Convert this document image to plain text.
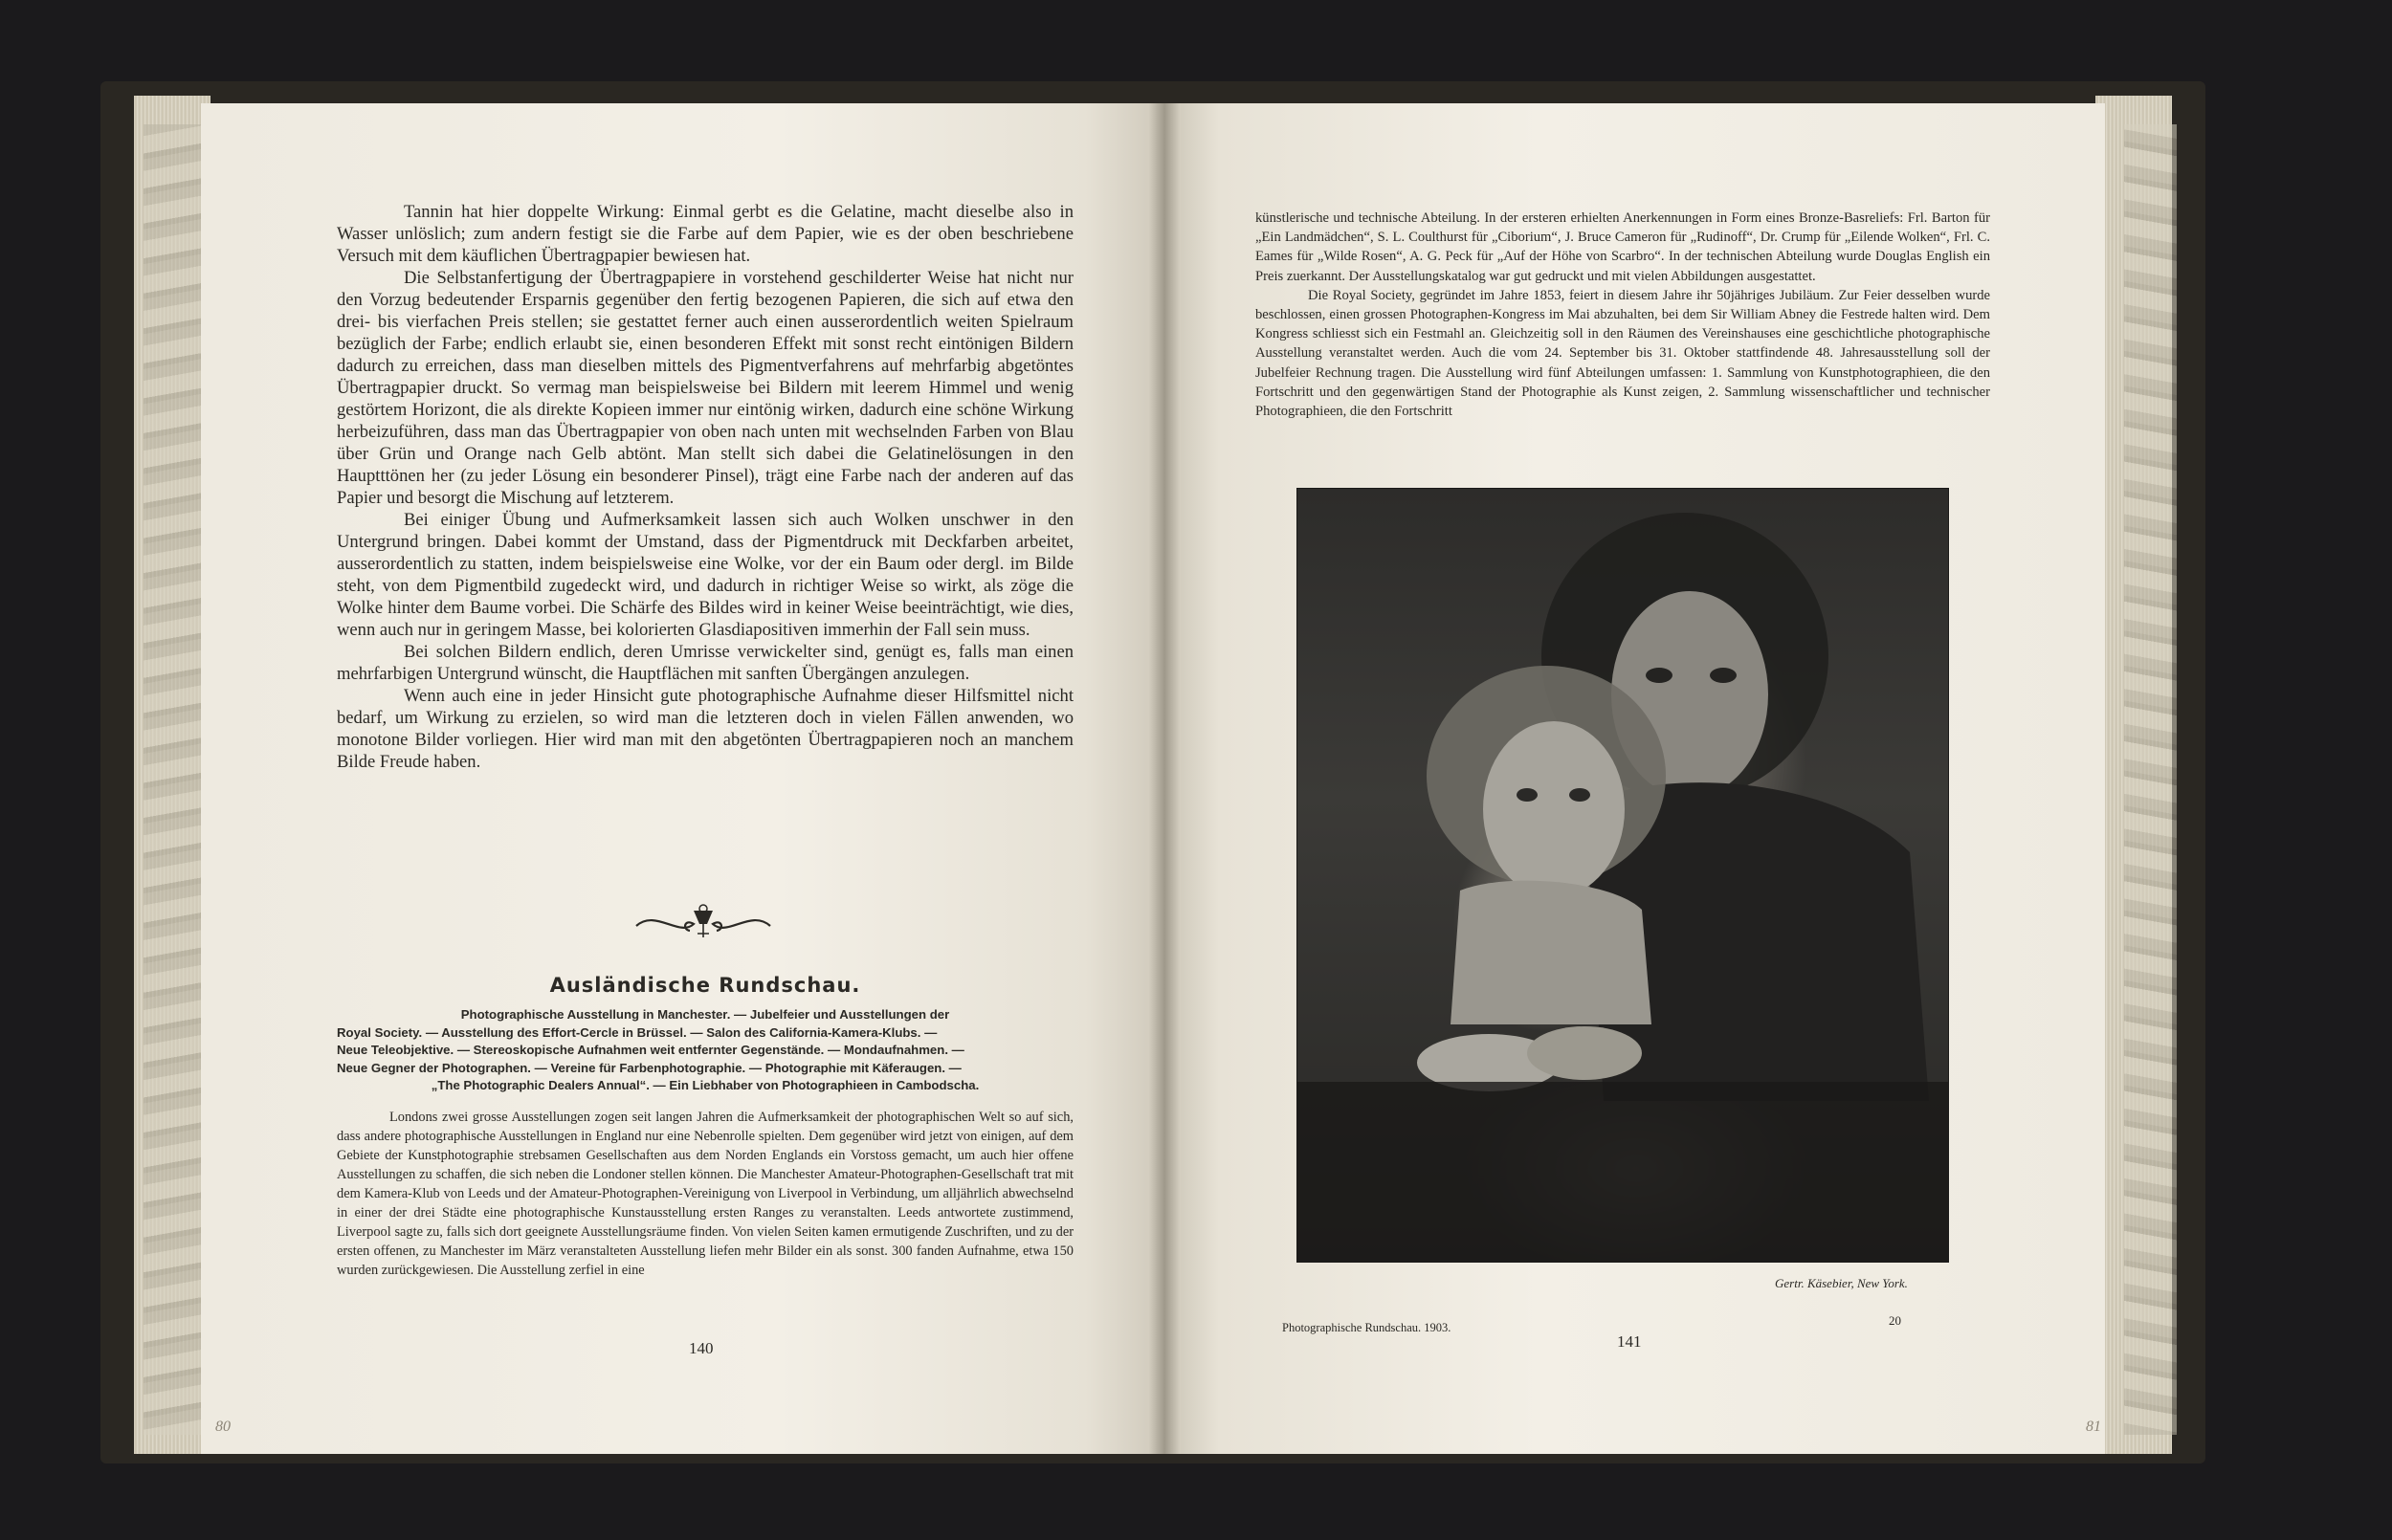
Tannin hat hier doppelte Wirkung: Einmal gerbt es die Gelatine, macht dieselbe also in Wasser unlöslich; zum andern festigt sie die Farbe auf dem Papier, wie es der oben beschriebene Versuch mit dem käuflichen Übertragpapier bewiesen hat.

Die Selbstanfertigung der Übertragpapiere in vorstehend geschilderter Weise hat nicht nur den Vorzug bedeutender Ersparnis gegenüber den fertig bezogenen Papieren, die sich auf etwa den drei- bis vierfachen Preis stellen; sie gestattet ferner auch einen ausserordentlich weiten Spielraum bezüglich der Farbe; endlich erlaubt sie, einen besonderen Effekt mit sonst recht eintönigen Bildern dadurch zu erreichen, dass man dieselben mittels des Pigmentverfahrens auf mehrfarbig abgetöntes Übertragpapier druckt. So vermag man beispielsweise bei Bildern mit leerem Himmel und wenig gestörtem Horizont, die als direkte Kopieen immer nur eintönig wirken, dadurch eine schöne Wirkung herbeizuführen, dass man das Übertragpapier von oben nach unten mit wechselnden Farben von Blau über Grün und Orange nach Gelb abtönt. Man stellt sich dabei die Gelatinelösungen in den Hauptttönen her (zu jeder Lösung ein besonderer Pinsel), trägt eine Farbe nach der anderen auf das Papier und besorgt die Mischung auf letzterem.

Bei einiger Übung und Aufmerksamkeit lassen sich auch Wolken unschwer in den Untergrund bringen. Dabei kommt der Umstand, dass der Pigmentdruck mit Deckfarben arbeitet, ausserordentlich zu statten, indem beispielsweise eine Wolke, vor der ein Baum oder dergl. im Bilde steht, von dem Pigmentbild zugedeckt wird, und dadurch in richtiger Weise so wirkt, als zöge die Wolke hinter dem Baume vorbei. Die Schärfe des Bildes wird in keiner Weise beeinträchtigt, wie dies, wenn auch nur in geringem Masse, bei kolorierten Glasdiapositiven immerhin der Fall sein muss.

Bei solchen Bildern endlich, deren Umrisse verwickelter sind, genügt es, falls man einen mehrfarbigen Untergrund wünscht, die Hauptflächen mit sanften Übergängen anzulegen.

Wenn auch eine in jeder Hinsicht gute photographische Aufnahme dieser Hilfsmittel nicht bedarf, um Wirkung zu erzielen, so wird man die letzteren doch in vielen Fällen anwenden, wo monotone Bilder vorliegen. Hier wird man mit den abgetönten Übertragpapieren noch an manchem Bilde Freude haben.

Ausländische Rundschau.
Photographische Ausstellung in Manchester. — Jubelfeier und Ausstellungen der
Royal Society. — Ausstellung des Effort-Cercle in Brüssel. — Salon des California-Kamera-Klubs. —
Neue Teleobjektive. — Stereoskopische Aufnahmen weit entfernter Gegenstände. — Mondaufnahmen. —
Neue Gegner der Photographen. — Vereine für Farbenphotographie. — Photographie mit Käferaugen. —
„The Photographic Dealers Annual“. — Ein Liebhaber von Photographieen in Cambodscha.

Londons zwei grosse Ausstellungen zogen seit langen Jahren die Aufmerksamkeit der photographischen Welt so auf sich, dass andere photographische Ausstellungen in England nur eine Nebenrolle spielten. Dem gegenüber wird jetzt von einigen, auf dem Gebiete der Kunstphotographie strebsamen Gesellschaften aus dem Norden Englands ein Vorstoss gemacht, um auch hier offene Ausstellungen zu schaffen, die sich neben die Londoner stellen können. Die Manchester Amateur-Photographen-Gesellschaft trat mit dem Kamera-Klub von Leeds und der Amateur-Photographen-Vereinigung von Liverpool in Verbindung, um alljährlich abwechselnd in einer der drei Städte eine photographische Kunstausstellung ersten Ranges zu veranstalten. Leeds antwortete zustimmend, Liverpool sagte zu, falls sich dort geeignete Ausstellungsräume finden. Von vielen Seiten kamen ermutigende Zuschriften, und zu der ersten offenen, zu Manchester im März veranstalteten Ausstellung liefen mehr Bilder ein als sonst. 300 fanden Aufnahme, etwa 150 wurden zurückgewiesen. Die Ausstellung zerfiel in eine

140
80

künstlerische und technische Abteilung. In der ersteren erhielten Anerkennungen in Form eines Bronze-Basreliefs: Frl. Barton für „Ein Landmädchen“, S. L. Coulthurst für „Ciborium“, J. Bruce Cameron für „Rudinoff“, Dr. Crump für „Eilende Wolken“, Frl. C. Eames für „Wilde Rosen“, A. G. Peck für „Auf der Höhe von Scarbro“. In der technischen Abteilung wurde Douglas English ein Preis zuerkannt. Der Ausstellungskatalog war gut gedruckt und mit vielen Abbildungen ausgestattet.

Die Royal Society, gegründet im Jahre 1853, feiert in diesem Jahre ihr 50jähriges Jubiläum. Zur Feier desselben wurde beschlossen, einen grossen Photographen-Kongress im Mai abzuhalten, bei dem Sir William Abney die Festrede halten wird. Dem Kongress schliesst sich ein Festmahl an. Gleichzeitig soll in den Räumen des Vereinshauses eine geschichtliche photographische Ausstellung veranstaltet werden. Auch die vom 24. September bis 31. Oktober stattfindende 48. Jahresausstellung soll der Jubelfeier Rechnung tragen. Die Ausstellung wird fünf Abteilungen umfassen: 1. Sammlung von Kunstphotographieen, die den Fortschritt und den gegenwärtigen Stand der Photographie als Kunst zeigen, 2. Sammlung wissenschaftlicher und technischer Photographieen, die den Fortschritt

Gertr. Käsebier, New York.
Photographische Rundschau. 1903.	20
141
81
